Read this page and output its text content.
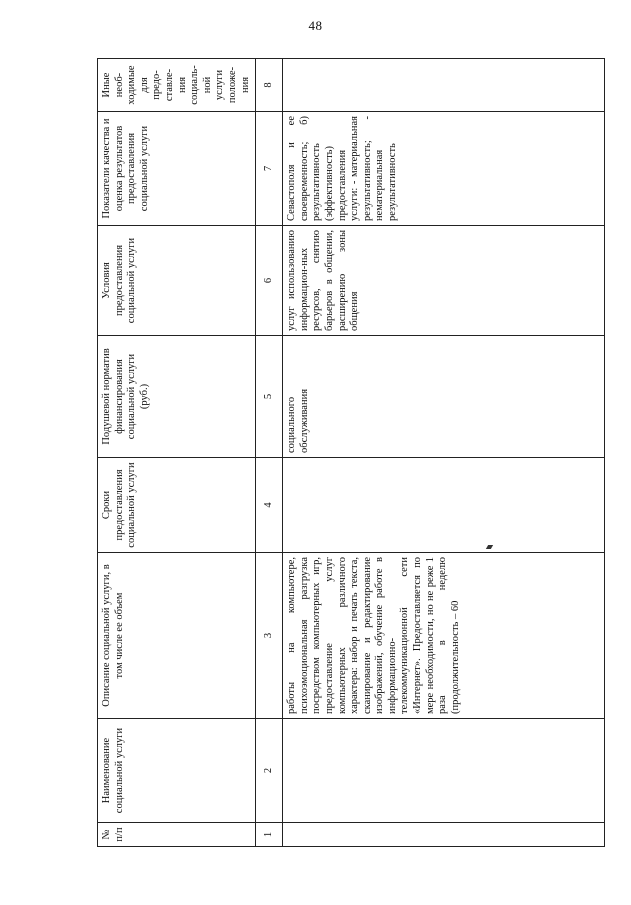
48
№ п/п	Наименование социальной услуги	Описание социальной услуги, в том числе ее объем	Сроки предоставления социальной услуги	Подушевой норматив финансирования социальной услуги (руб.)	Условия предоставления социальной услуги	Показатели качества и оценка результатов предоставления социальной услуги	Иные необ-ходимые для предо-ставле-ния социаль-ной услуги положе-ния
1	2	3	4	5	6	7	8
		работы на компьютере, психоэмоциональная разгрузка посредством компьютерных игр, предоставление услуг компьютерных различного характера: набор и печать текста, сканирование и редактирование изображений, обучение работе в информационно-телекоммуникационной сети «Интернет». Предоставляется по мере необходимости, но не реже 1 раза в неделю (продолжительность – 60		социального обслуживания	услуг использованию информацион-ных ресурсов, снятию барьеров в общении, расширению зоны общения	Севастополя и ее своевременность; б) результативность (эффективность) предоставления услуги: - материальная результативность; - нематериальная результативность	
